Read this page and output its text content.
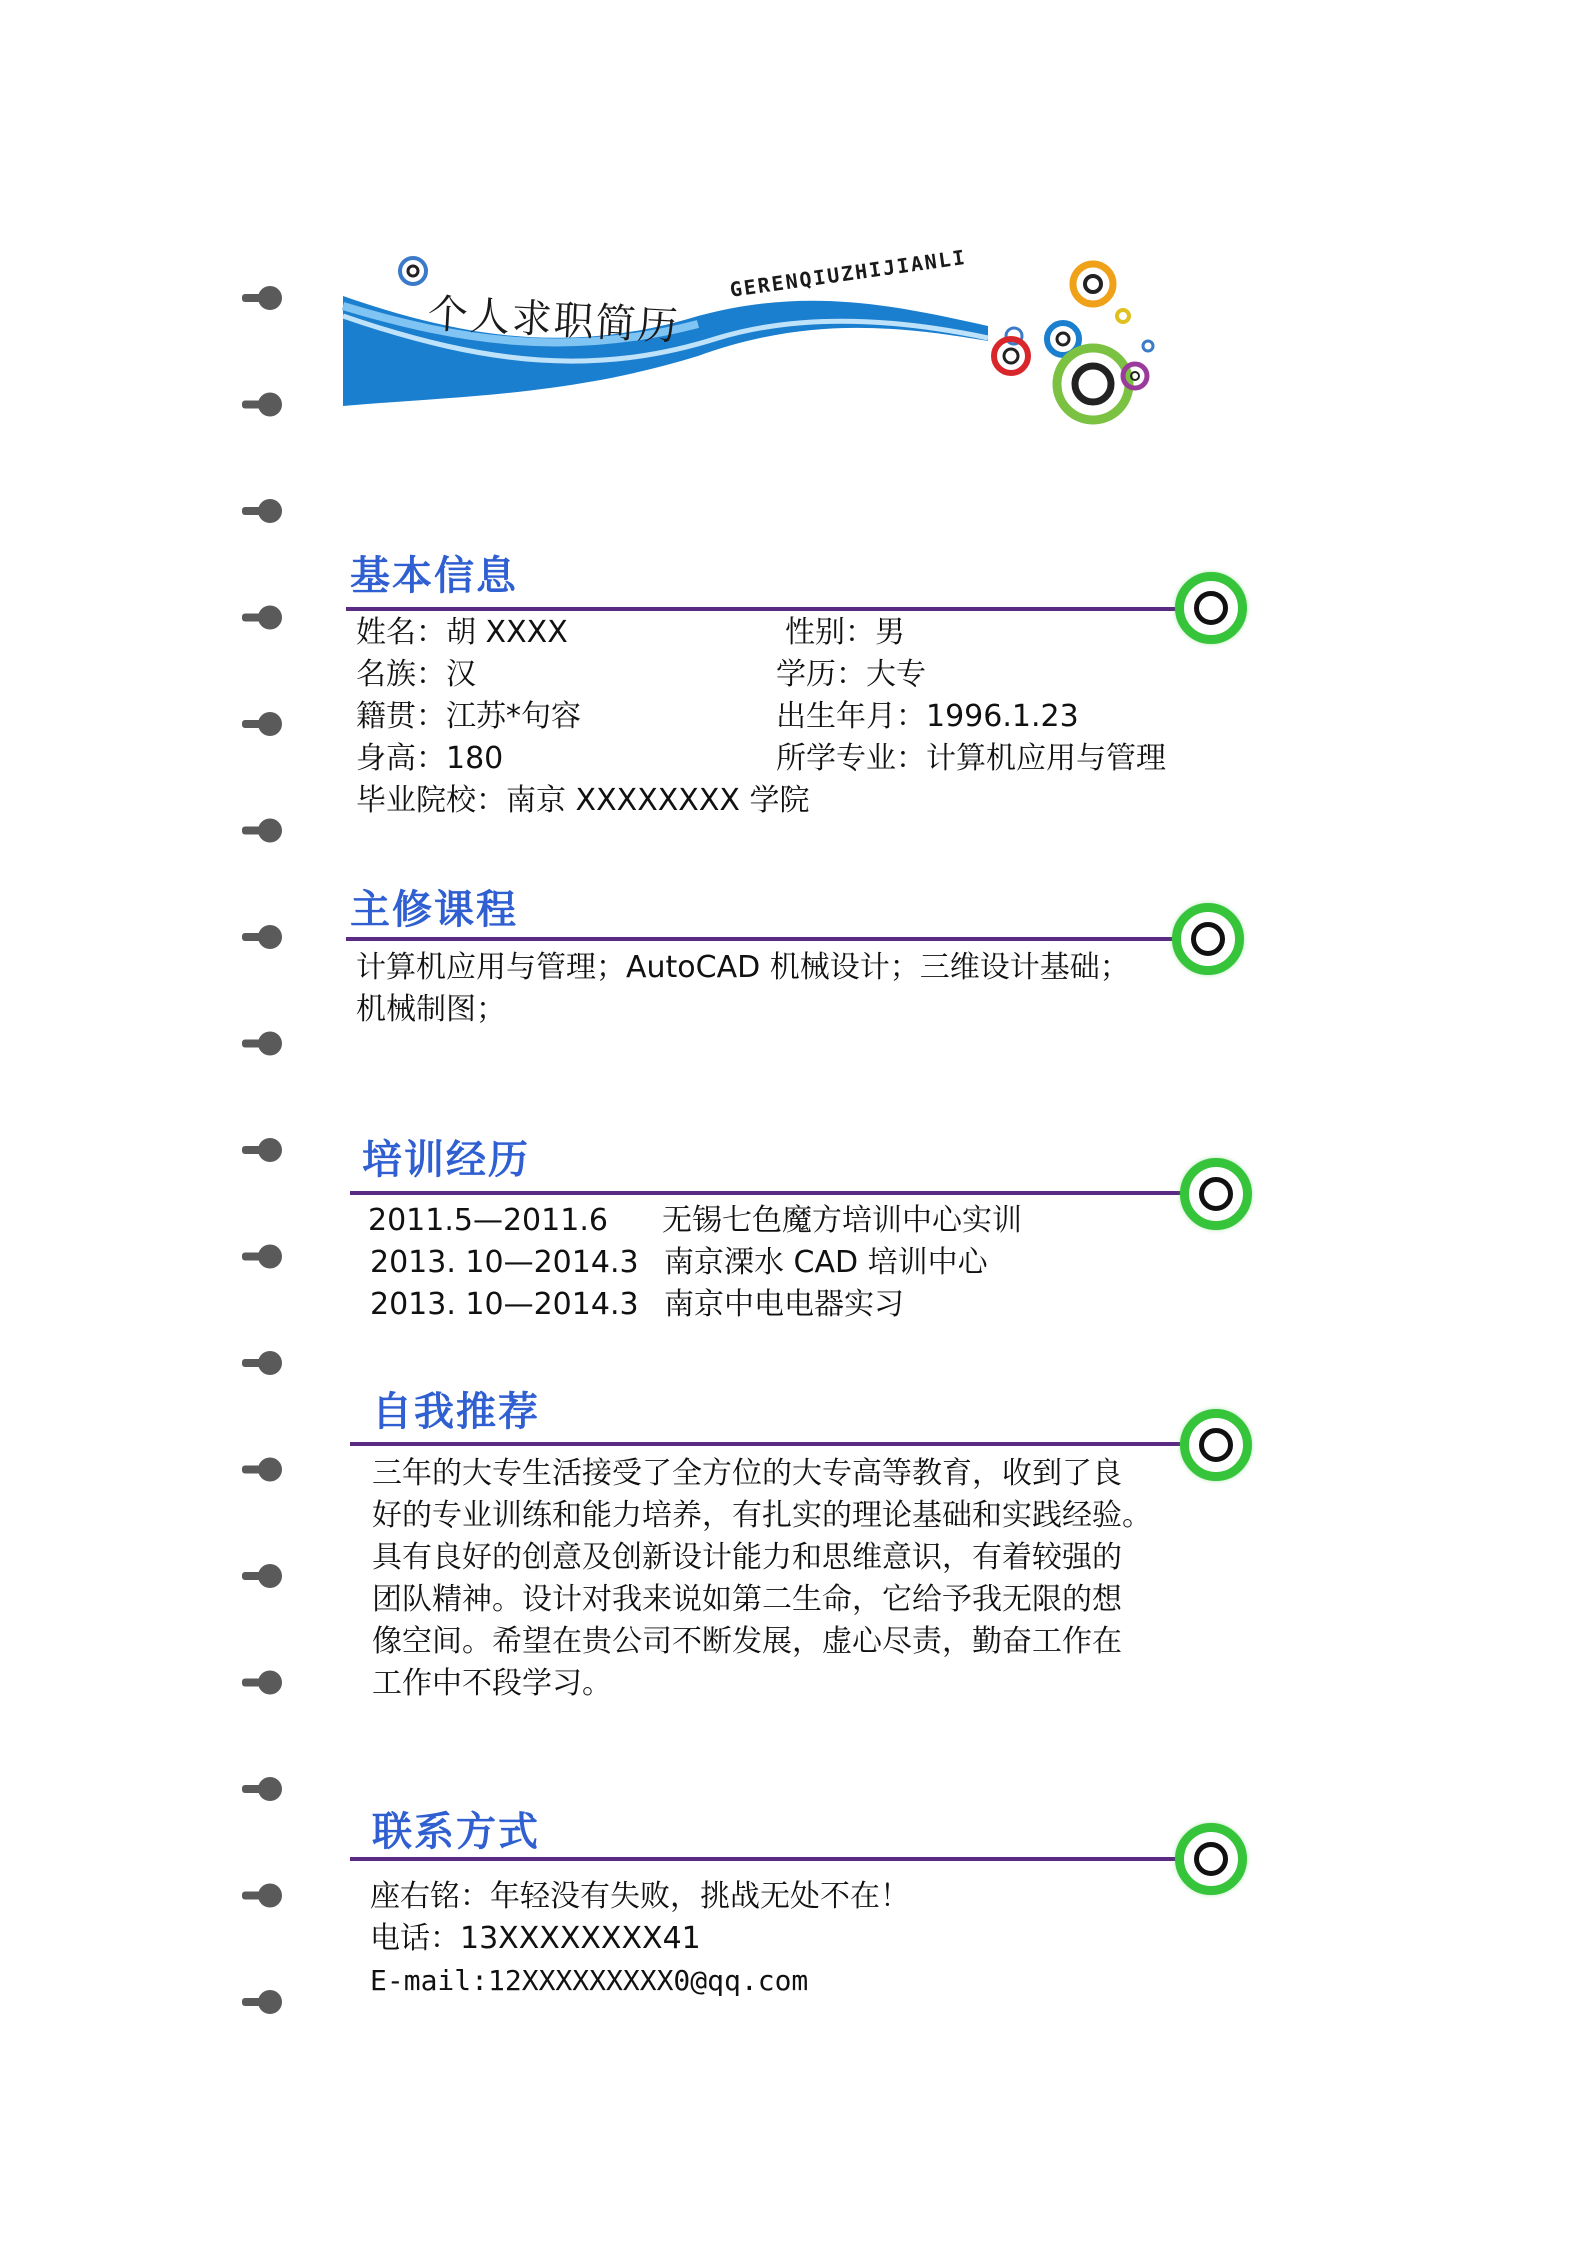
个人求职简历
GERENQIUZHIJIANLI
基本信息
姓名：胡 XXXX	性别：男
名族：汉	学历：大专
籍贯：江苏*句容	出生年月：1996.1.23
身高：180	所学专业：计算机应用与管理
毕业院校：南京 XXXXXXXX 学院
主修课程
计算机应用与管理；AutoCAD 机械设计；三维设计基础；
机械制图；
培训经历
2011.5—2011.6 无锡七色魔方培训中心实训
2013. 10—2014.3 南京溧水 CAD 培训中心
2013. 10—2014.3 南京中电电器实习
自我推荐
三年的大专生活接受了全方位的大专高等教育，收到了良
好的专业训练和能力培养，有扎实的理论基础和实践经验。
具有良好的创意及创新设计能力和思维意识，有着较强的
团队精神。设计对我来说如第二生命，它给予我无限的想
像空间。希望在贵公司不断发展，虚心尽责，勤奋工作在
工作中不段学习。
联系方式
座右铭：年轻没有失败，挑战无处不在！
电话：13XXXXXXXX41
E-mail:12XXXXXXXXX0@qq.com
